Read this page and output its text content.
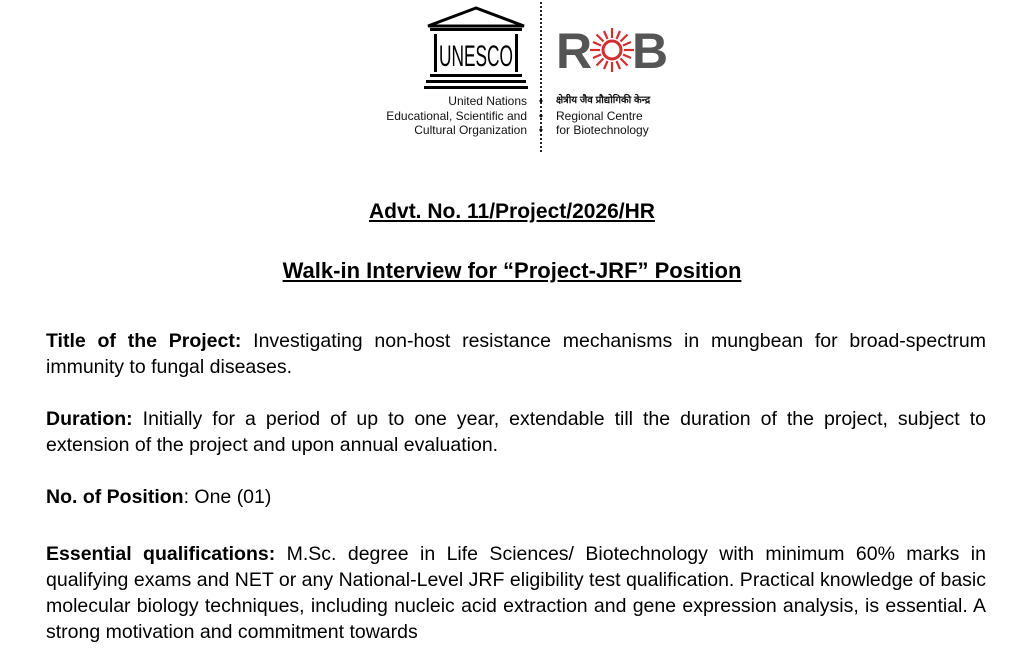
UNESCO
United Nations
Educational, Scientific and
Cultural Organization
•
•
•
R B
क्षेत्रीय जैव प्रौद्योगिकी केन्द्र
Regional Centre
for Biotechnology
Advt. No. 11/Project/2026/HR
Walk-in Interview for “Project-JRF” Position
Title of the Project: Investigating non-host resistance mechanisms in mungbean for broad-spectrum immunity to fungal diseases.
Duration: Initially for a period of up to one year, extendable till the duration of the project, subject to extension of the project and upon annual evaluation.
No. of Position: One (01)
Essential qualifications: M.Sc. degree in Life Sciences/ Biotechnology with minimum 60% marks in qualifying exams and NET or any National-Level JRF eligibility test qualification. Practical knowledge of basic molecular biology techniques, including nucleic acid extraction and gene expression analysis, is essential. A strong motivation and commitment towards
